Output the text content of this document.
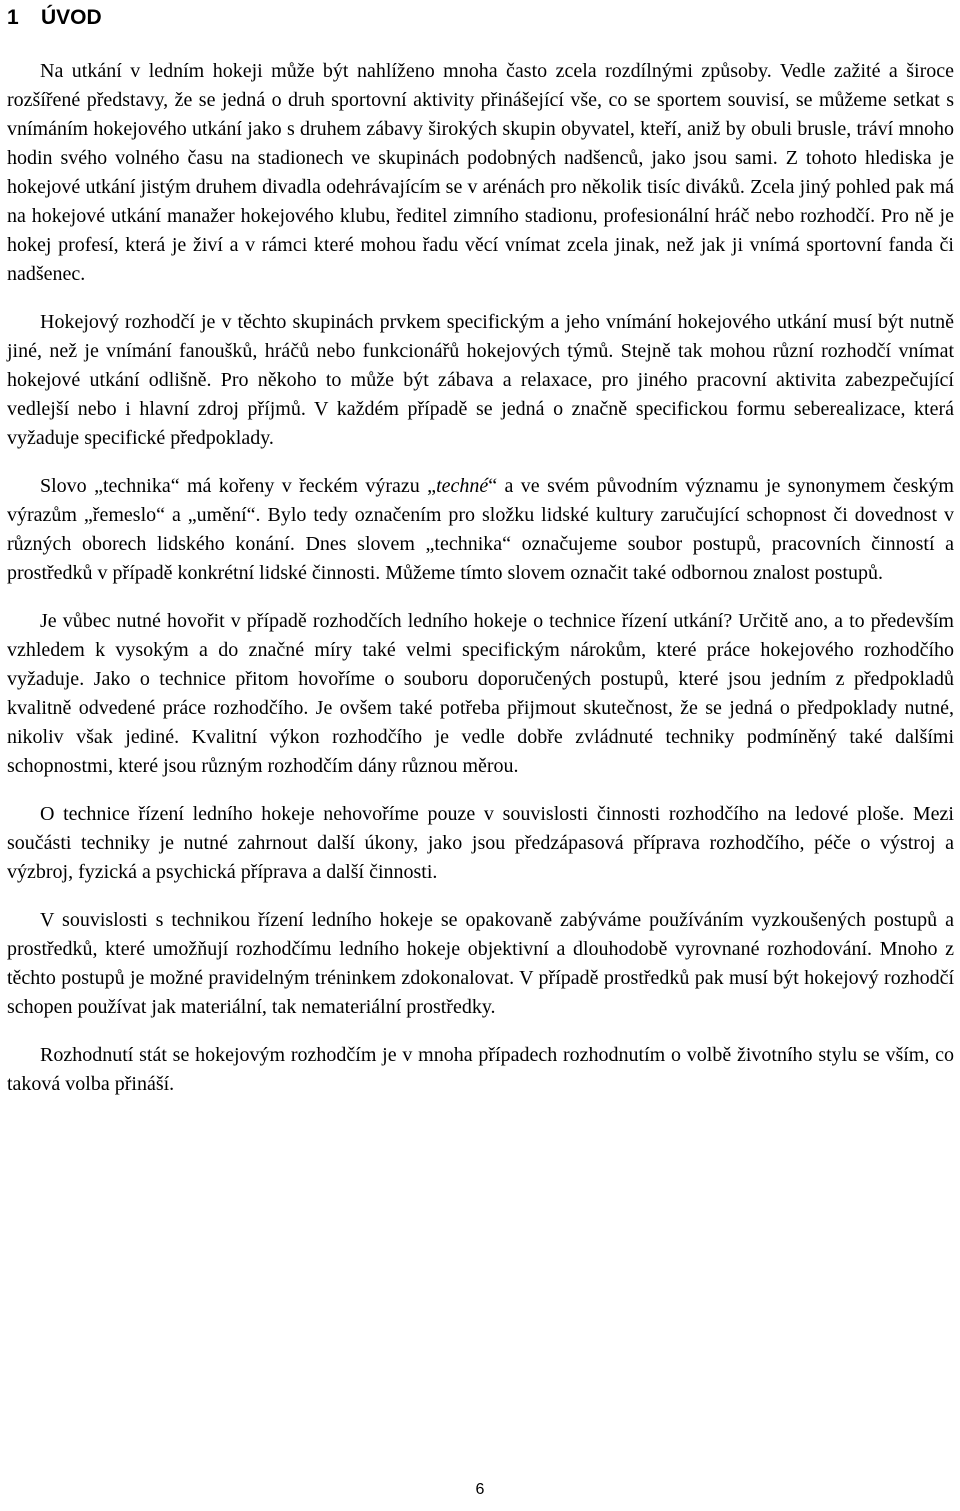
1	ÚVOD

Na utkání v ledním hokeji může být nahlíženo mnoha často zcela rozdílnými způsoby. Vedle zažité a široce rozšířené představy, že se jedná o druh sportovní aktivity přinášející vše, co se sportem souvisí, se můžeme setkat s vnímáním hokejového utkání jako s druhem zábavy širokých skupin obyvatel, kteří, aniž by obuli brusle, tráví mnoho hodin svého volného času na stadionech ve skupinách podobných nadšenců, jako jsou sami. Z tohoto hlediska je hokejové utkání jistým druhem divadla odehrávajícím se v arénách pro několik tisíc diváků. Zcela jiný pohled pak má na hokejové utkání manažer hokejového klubu, ředitel zimního stadionu, profesionální hráč nebo rozhodčí. Pro ně je hokej profesí, která je živí a v rámci které mohou řadu věcí vnímat zcela jinak, než jak ji vnímá sportovní fanda či nadšenec.

Hokejový rozhodčí je v těchto skupinách prvkem specifickým a jeho vnímání hokejového utkání musí být nutně jiné, než je vnímání fanoušků, hráčů nebo funkcionářů hokejových týmů. Stejně tak mohou různí rozhodčí vnímat hokejové utkání odlišně. Pro někoho to může být zábava a relaxace, pro jiného pracovní aktivita zabezpečující vedlejší nebo i hlavní zdroj příjmů. V každém případě se jedná o značně specifickou formu seberealizace, která vyžaduje specifické předpoklady.

Slovo „technika“ má kořeny v řeckém výrazu „techné“ a ve svém původním významu je synonymem českým výrazům „řemeslo“ a „umění“. Bylo tedy označením pro složku lidské kultury zaručující schopnost či dovednost v různých oborech lidského konání. Dnes slovem „technika“ označujeme soubor postupů, pracovních činností a prostředků v případě konkrétní lidské činnosti. Můžeme tímto slovem označit také odbornou znalost postupů.

Je vůbec nutné hovořit v případě rozhodčích ledního hokeje o technice řízení utkání? Určitě ano, a to především vzhledem k vysokým a do značné míry také velmi specifickým nárokům, které práce hokejového rozhodčího vyžaduje. Jako o technice přitom hovoříme o souboru doporučených postupů, které jsou jedním z předpokladů kvalitně odvedené práce rozhodčího. Je ovšem také potřeba přijmout skutečnost, že se jedná o předpoklady nutné, nikoliv však jediné. Kvalitní výkon rozhodčího je vedle dobře zvládnuté techniky podmíněný také dalšími schopnostmi, které jsou různým rozhodčím dány různou měrou.

O technice řízení ledního hokeje nehovoříme pouze v souvislosti činnosti rozhodčího na ledové ploše. Mezi součásti techniky je nutné zahrnout další úkony, jako jsou předzápasová příprava rozhodčího, péče o výstroj a výzbroj, fyzická a psychická příprava a další činnosti.

V souvislosti s technikou řízení ledního hokeje se opakovaně zabýváme používáním vyzkoušených postupů a prostředků, které umožňují rozhodčímu ledního hokeje objektivní a dlouhodobě vyrovnané rozhodování. Mnoho z těchto postupů je možné pravidelným tréninkem zdokonalovat. V případě prostředků pak musí být hokejový rozhodčí schopen používat jak materiální, tak nemateriální prostředky.

Rozhodnutí stát se hokejovým rozhodčím je v mnoha případech rozhodnutím o volbě životního stylu se vším, co taková volba přináší.

6
